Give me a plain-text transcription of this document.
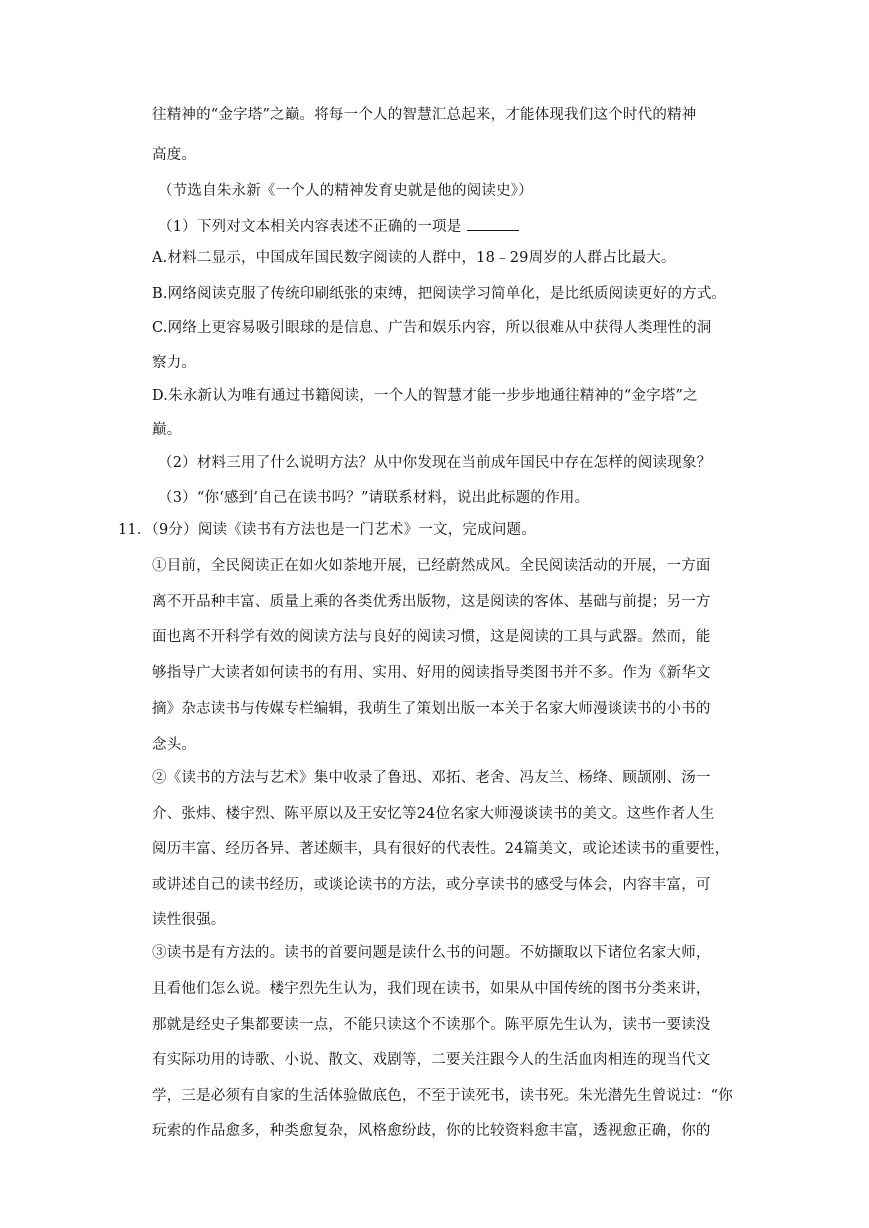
往精神的“金字塔”之巅。将每一个人的智慧汇总起来，才能体现我们这个时代的精神
高度。
（节选自朱永新《一个人的精神发育史就是他的阅读史》）
（1）下列对文本相关内容表述不正确的一项是
A.材料二显示，中国成年国民数字阅读的人群中，18﹣29周岁的人群占比最大。
B.网络阅读克服了传统印刷纸张的束缚，把阅读学习简单化，是比纸质阅读更好的方式。
C.网络上更容易吸引眼球的是信息、广告和娱乐内容，所以很难从中获得人类理性的洞
察力。
D.朱永新认为唯有通过书籍阅读，一个人的智慧才能一步步地通往精神的“金字塔”之
巅。
（2）材料三用了什么说明方法？从中你发现在当前成年国民中存在怎样的阅读现象？
（3）“你‘感到’自己在读书吗？”请联系材料，说出此标题的作用。
11．（9分）阅读《读书有方法也是一门艺术》一文，完成问题。
①目前，全民阅读正在如火如荼地开展，已经蔚然成风。全民阅读活动的开展，一方面
离不开品种丰富、质量上乘的各类优秀出版物，这是阅读的客体、基础与前提；另一方
面也离不开科学有效的阅读方法与良好的阅读习惯，这是阅读的工具与武器。然而，能
够指导广大读者如何读书的有用、实用、好用的阅读指导类图书并不多。作为《新华文
摘》杂志读书与传媒专栏编辑，我萌生了策划出版一本关于名家大师漫谈读书的小书的
念头。
②《读书的方法与艺术》集中收录了鲁迅、邓拓、老舍、冯友兰、杨绛、顾颉刚、汤一
介、张炜、楼宇烈、陈平原以及王安忆等24位名家大师漫谈读书的美文。这些作者人生
阅历丰富、经历各异、著述颇丰，具有很好的代表性。24篇美文，或论述读书的重要性，
或讲述自己的读书经历，或谈论读书的方法，或分享读书的感受与体会，内容丰富，可
读性很强。
③读书是有方法的。读书的首要问题是读什么书的问题。不妨撷取以下诸位名家大师，
且看他们怎么说。楼宇烈先生认为，我们现在读书，如果从中国传统的图书分类来讲，
那就是经史子集都要读一点，不能只读这个不读那个。陈平原先生认为，读书一要读没
有实际功用的诗歌、小说、散文、戏剧等，二要关注跟今人的生活血肉相连的现当代文
学，三是必须有自家的生活体验做底色，不至于读死书，读书死。朱光潜先生曾说过：“你
玩索的作品愈多，种类愈复杂，风格愈纷歧，你的比较资料愈丰富，透视愈正确，你的
